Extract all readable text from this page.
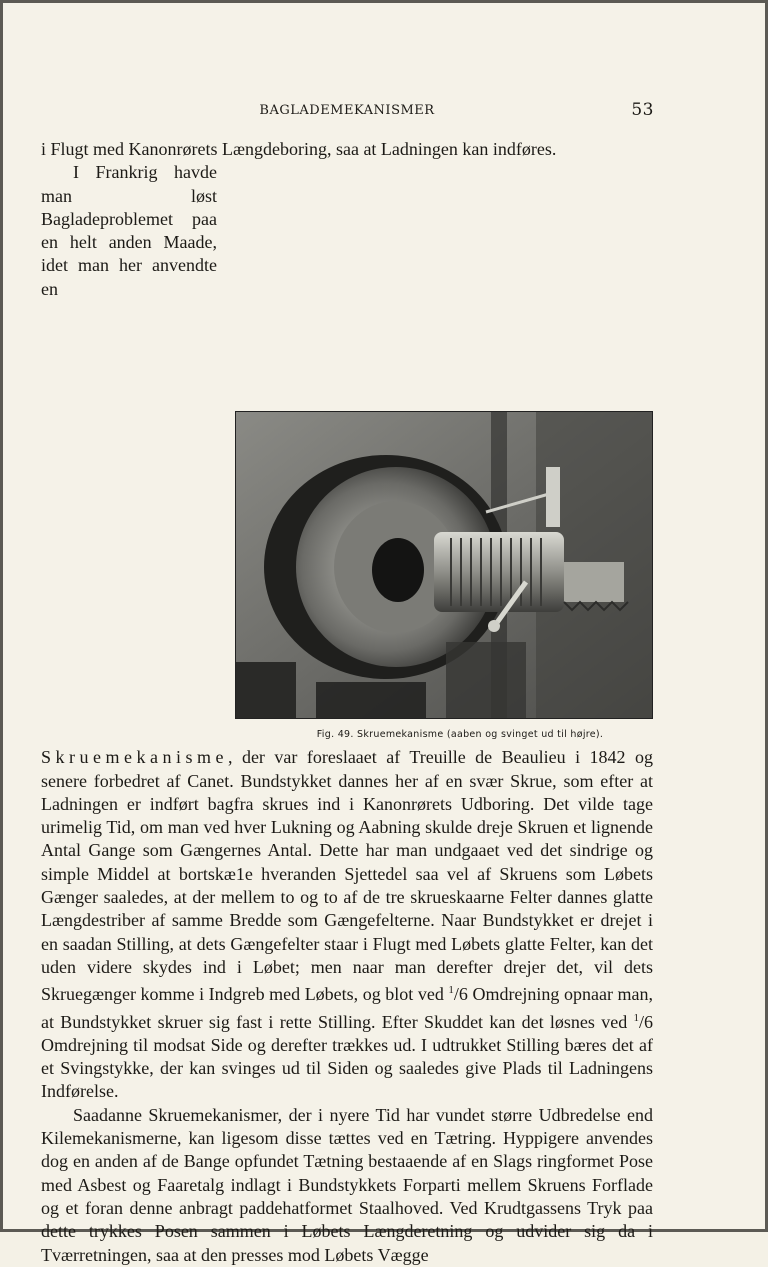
BAGLADEMEKANISMER	53

i Flugt med Kanonrørets Længdeboring, saa at Ladningen kan indføres.

Fig. 49. Skruemekanisme (aaben og svinget ud til højre).
I Frankrig havde man løst Bagladeproblemet paa en helt anden Maade, idet man her anvendte en Skruemekanisme, der var foreslaaet af Treuille de Beaulieu i 1842 og senere forbedret af Canet. Bundstykket dannes her af en svær Skrue, som efter at Ladningen er indført bagfra skrues ind i Kanonrørets Udboring. Det vilde tage urimelig Tid, om man ved hver Lukning og Aabning skulde dreje Skruen et lignende Antal Gange som Gængernes Antal. Dette har man undgaaet ved det sindrige og simple Middel at bortskæ1e hveranden Sjettedel saa vel af Skruens som Løbets Gænger saaledes, at der mellem to og to af de tre skrueskaarne Felter dannes glatte Længdestriber af samme Bredde som Gængefelterne. Naar Bundstykket er drejet i en saadan Stilling, at dets Gængefelter staar i Flugt med Løbets glatte Felter, kan det uden videre skydes ind i Løbet; men naar man derefter drejer det, vil dets Skruegænger komme i Indgreb med Løbets, og blot ved $^1$/6 Omdrejning opnaar man, at Bundstykket skruer sig fast i rette Stilling. Efter Skuddet kan det løsnes ved $^1$/6 Omdrejning til modsat Side og derefter trækkes ud. I udtrukket Stilling bæres det af et Svingstykke, der kan svinges ud til Siden og saaledes give Plads til Ladningens Indførelse.

Saadanne Skruemekanismer, der i nyere Tid har vundet større Udbredelse end Kilemekanismerne, kan ligesom disse tættes ved en Tætring. Hyppigere anvendes dog en anden af de Bange opfundet Tætning bestaaende af en Slags ringformet Pose med Asbest og Faaretalg indlagt i Bundstykkets Forparti mellem Skruens Forflade og et foran denne anbragt paddehatformet Staalhoved. Ved Krudtgassens Tryk paa dette trykkes Posen sammen i Løbets Længderetning og udvider sig da i Tværretningen, saa at den presses mod Løbets Vægge
